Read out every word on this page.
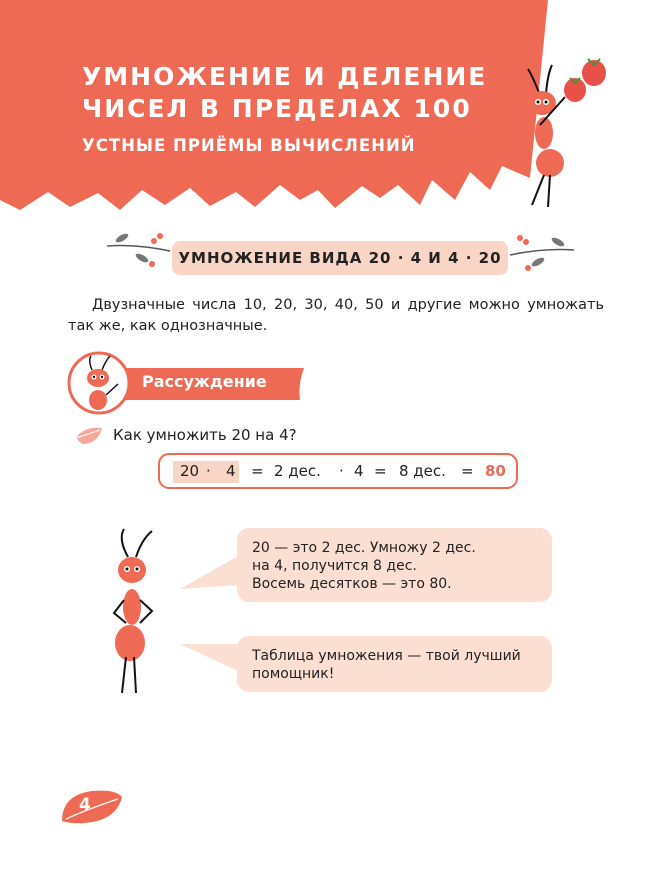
УМНОЖЕНИЕ И ДЕЛЕНИЕ
ЧИСЕЛ В ПРЕДЕЛАХ 100
УСТНЫЕ ПРИЁМЫ ВЫЧИСЛЕНИЙ
УМНОЖЕНИЕ ВИДА 20 · 4 И 4 · 20

Двузначные числа 10, 20, 30, 40, 50 и другие можно умножать так же, как однозначные.

Рассуждение
Как умножить 20 на 4?
20 · 4 = 2 дес. · 4 = 8 дес. = 80
20 — это 2 дес. Умножу 2 дес.
на 4, получится 8 дес.
Восемь десятков — это 80.
Таблица умножения — твой лучший
помощник!
4
